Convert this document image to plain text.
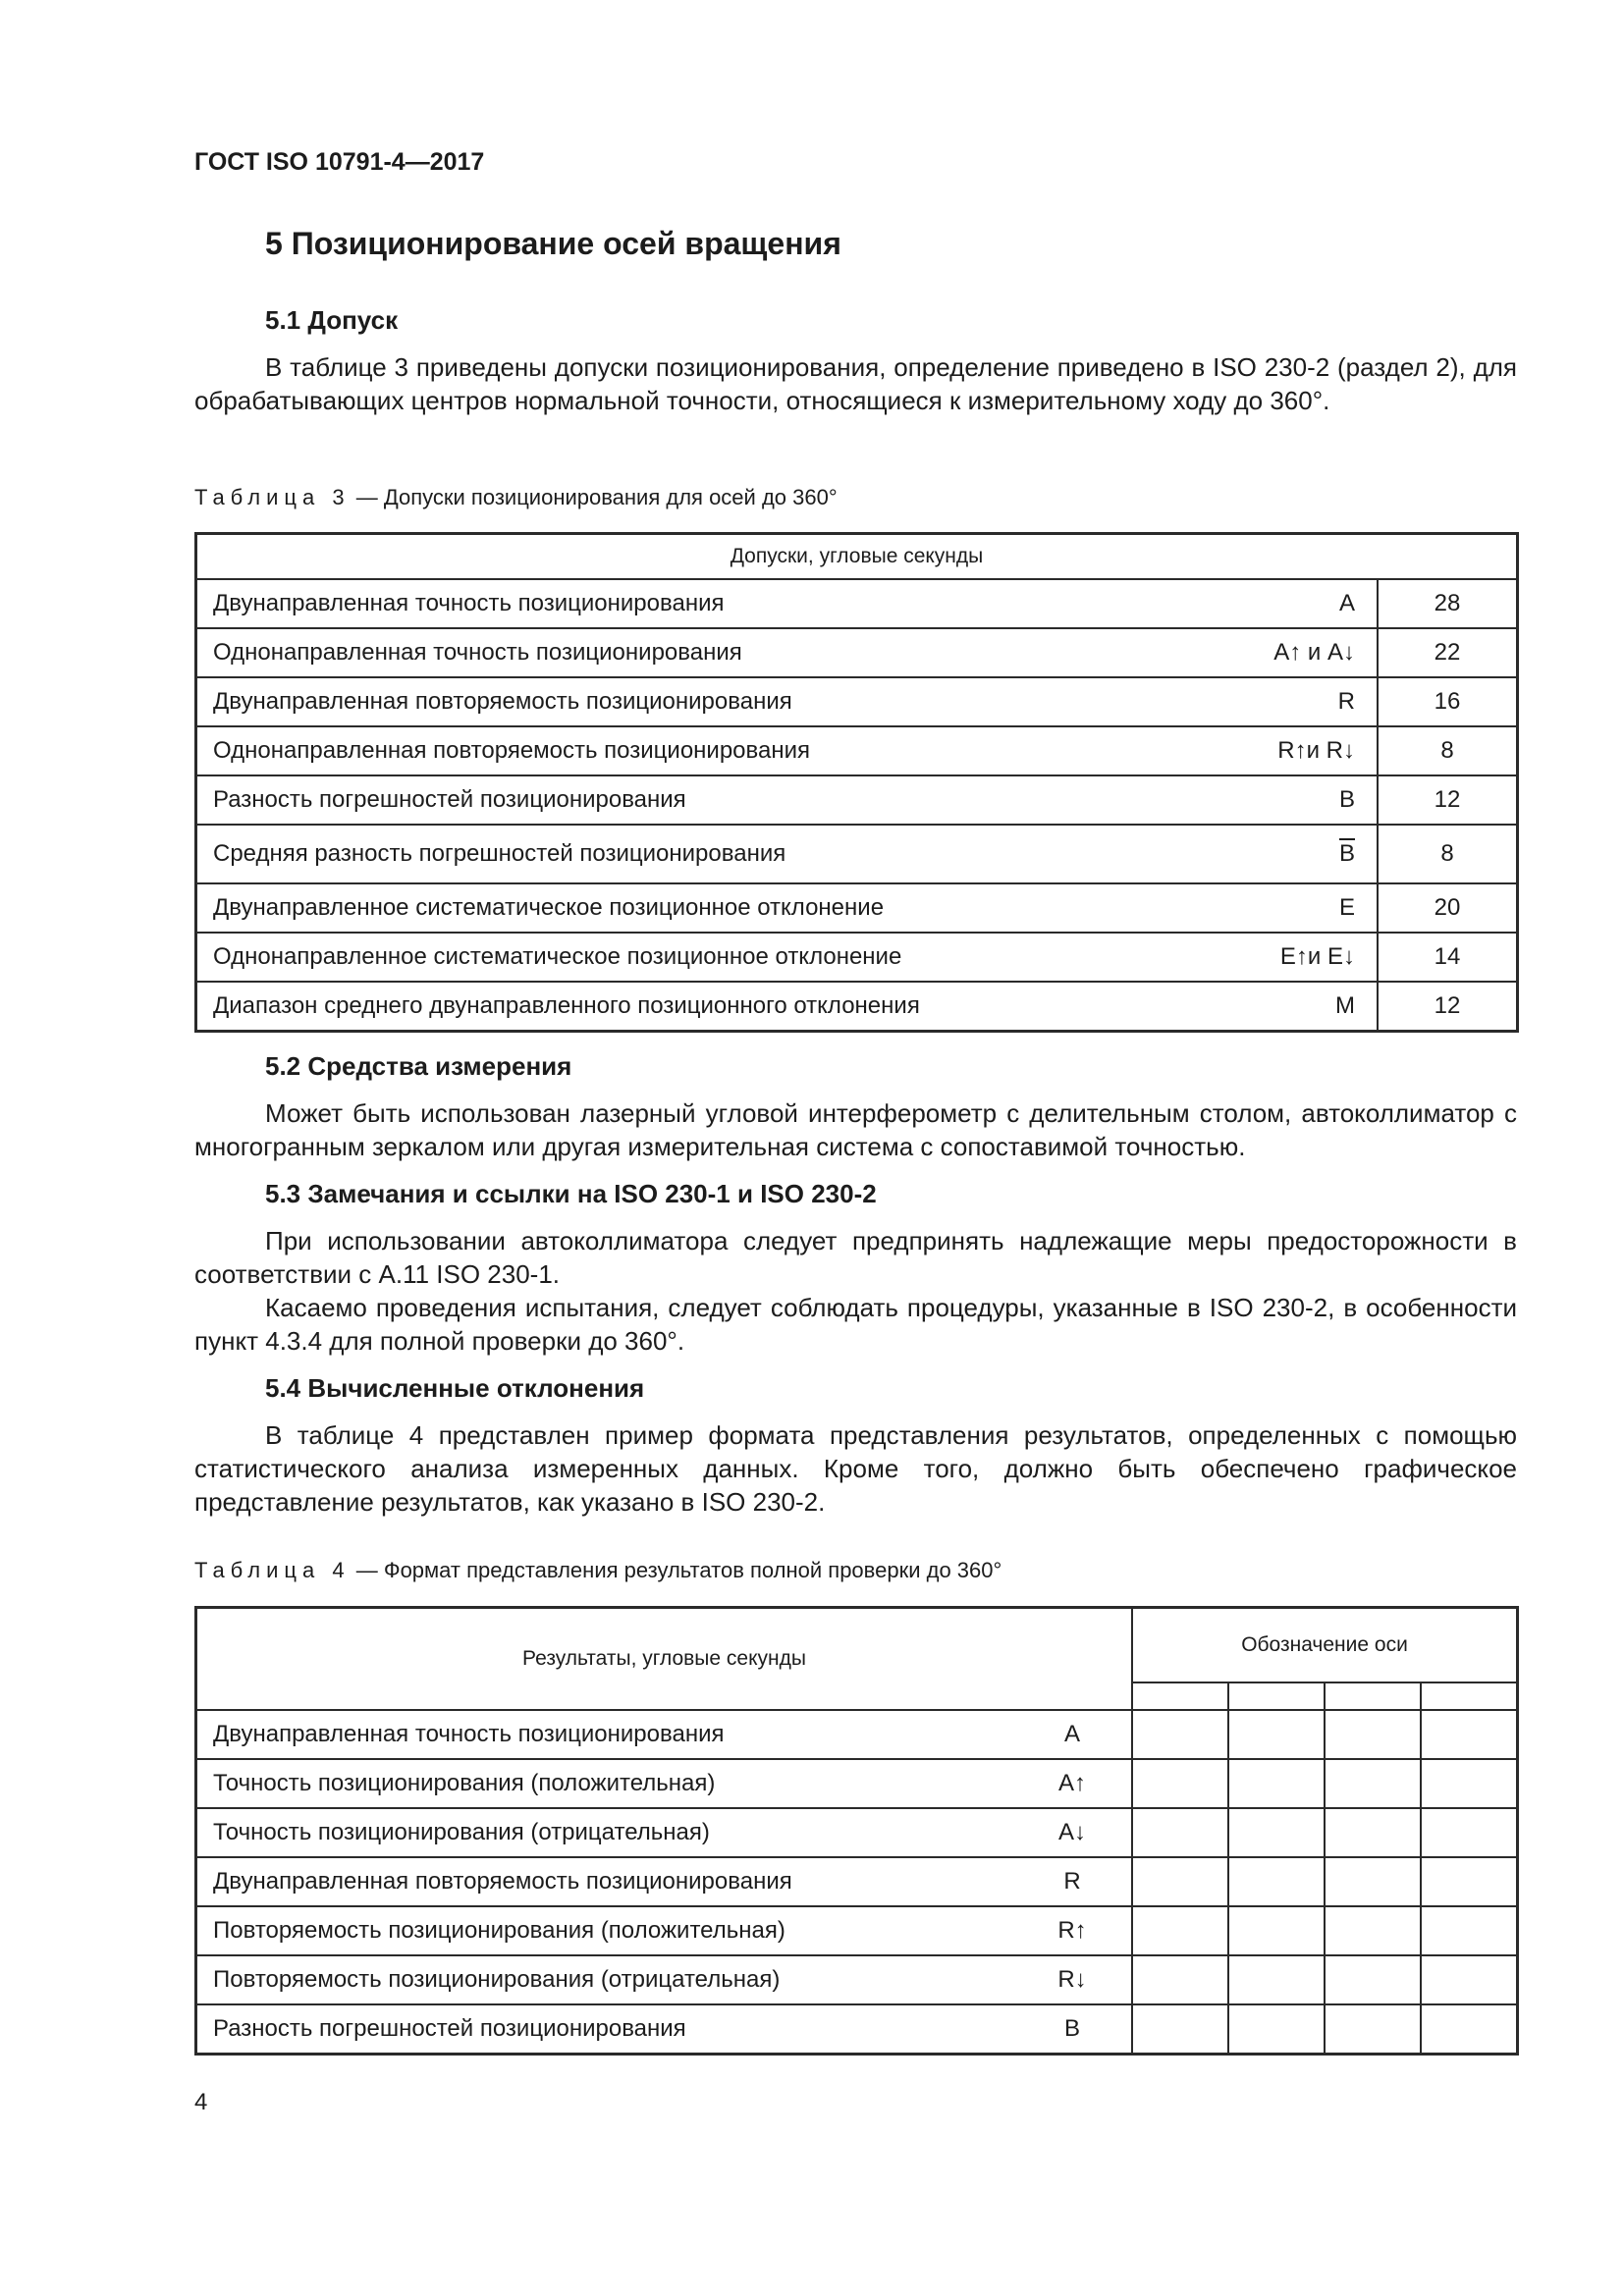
ГОСТ ISO 10791-4—2017
5 Позиционирование осей вращения
5.1 Допуск

В таблице 3 приведены допуски позиционирования, определение приведено в ISO 230-2 (раздел 2), для обрабатывающих центров нормальной точности, относящиеся к измерительному ходу до 360°.

Таблица 3 — Допуски позиционирования для осей до 360°
Допуски, угловые секунды		
Двунаправленная точность позиционирования	A	28
Однонаправленная точность позиционирования	A↑ и A↓	22
Двунаправленная повторяемость позиционирования	R	16
Однонаправленная повторяемость позиционирования	R↑и R↓	8
Разность погрешностей позиционирования	B	12
Средняя разность погрешностей позиционирования	$\overline{B}$	8
Двунаправленное систематическое позиционное отклонение	E	20
Однонаправленное систематическое позиционное отклонение	E↑и E↓	14
Диапазон среднего двунаправленного позиционного отклонения	M	12
5.2 Средства измерения

Может быть использован лазерный угловой интерферометр с делительным столом, автоколлиматор с многогранным зеркалом или другая измерительная система с сопоставимой точностью.

5.3 Замечания и ссылки на ISO 230-1 и ISO 230-2

При использовании автоколлиматора следует предпринять надлежащие меры предосторожности в соответствии с А.11 ISO 230-1.

Касаемо проведения испытания, следует соблюдать процедуры, указанные в ISO 230-2, в особенности пункт 4.3.4 для полной проверки до 360°.

5.4 Вычисленные отклонения

В таблице 4 представлен пример формата представления результатов, определенных с помощью статистического анализа измеренных данных. Кроме того, должно быть обеспечено графическое представление результатов, как указано в ISO 230-2.

Таблица 4 — Формат представления результатов полной проверки до 360°
Результаты, угловые секунды		Обозначение оси			

Двунаправленная точность позиционирования	A				
Точность позиционирования (положительная)	A↑				
Точность позиционирования (отрицательная)	A↓				
Двунаправленная повторяемость позиционирования	R				
Повторяемость позиционирования (положительная)	R↑				
Повторяемость позиционирования (отрицательная)	R↓				
Разность погрешностей позиционирования	B				
4
